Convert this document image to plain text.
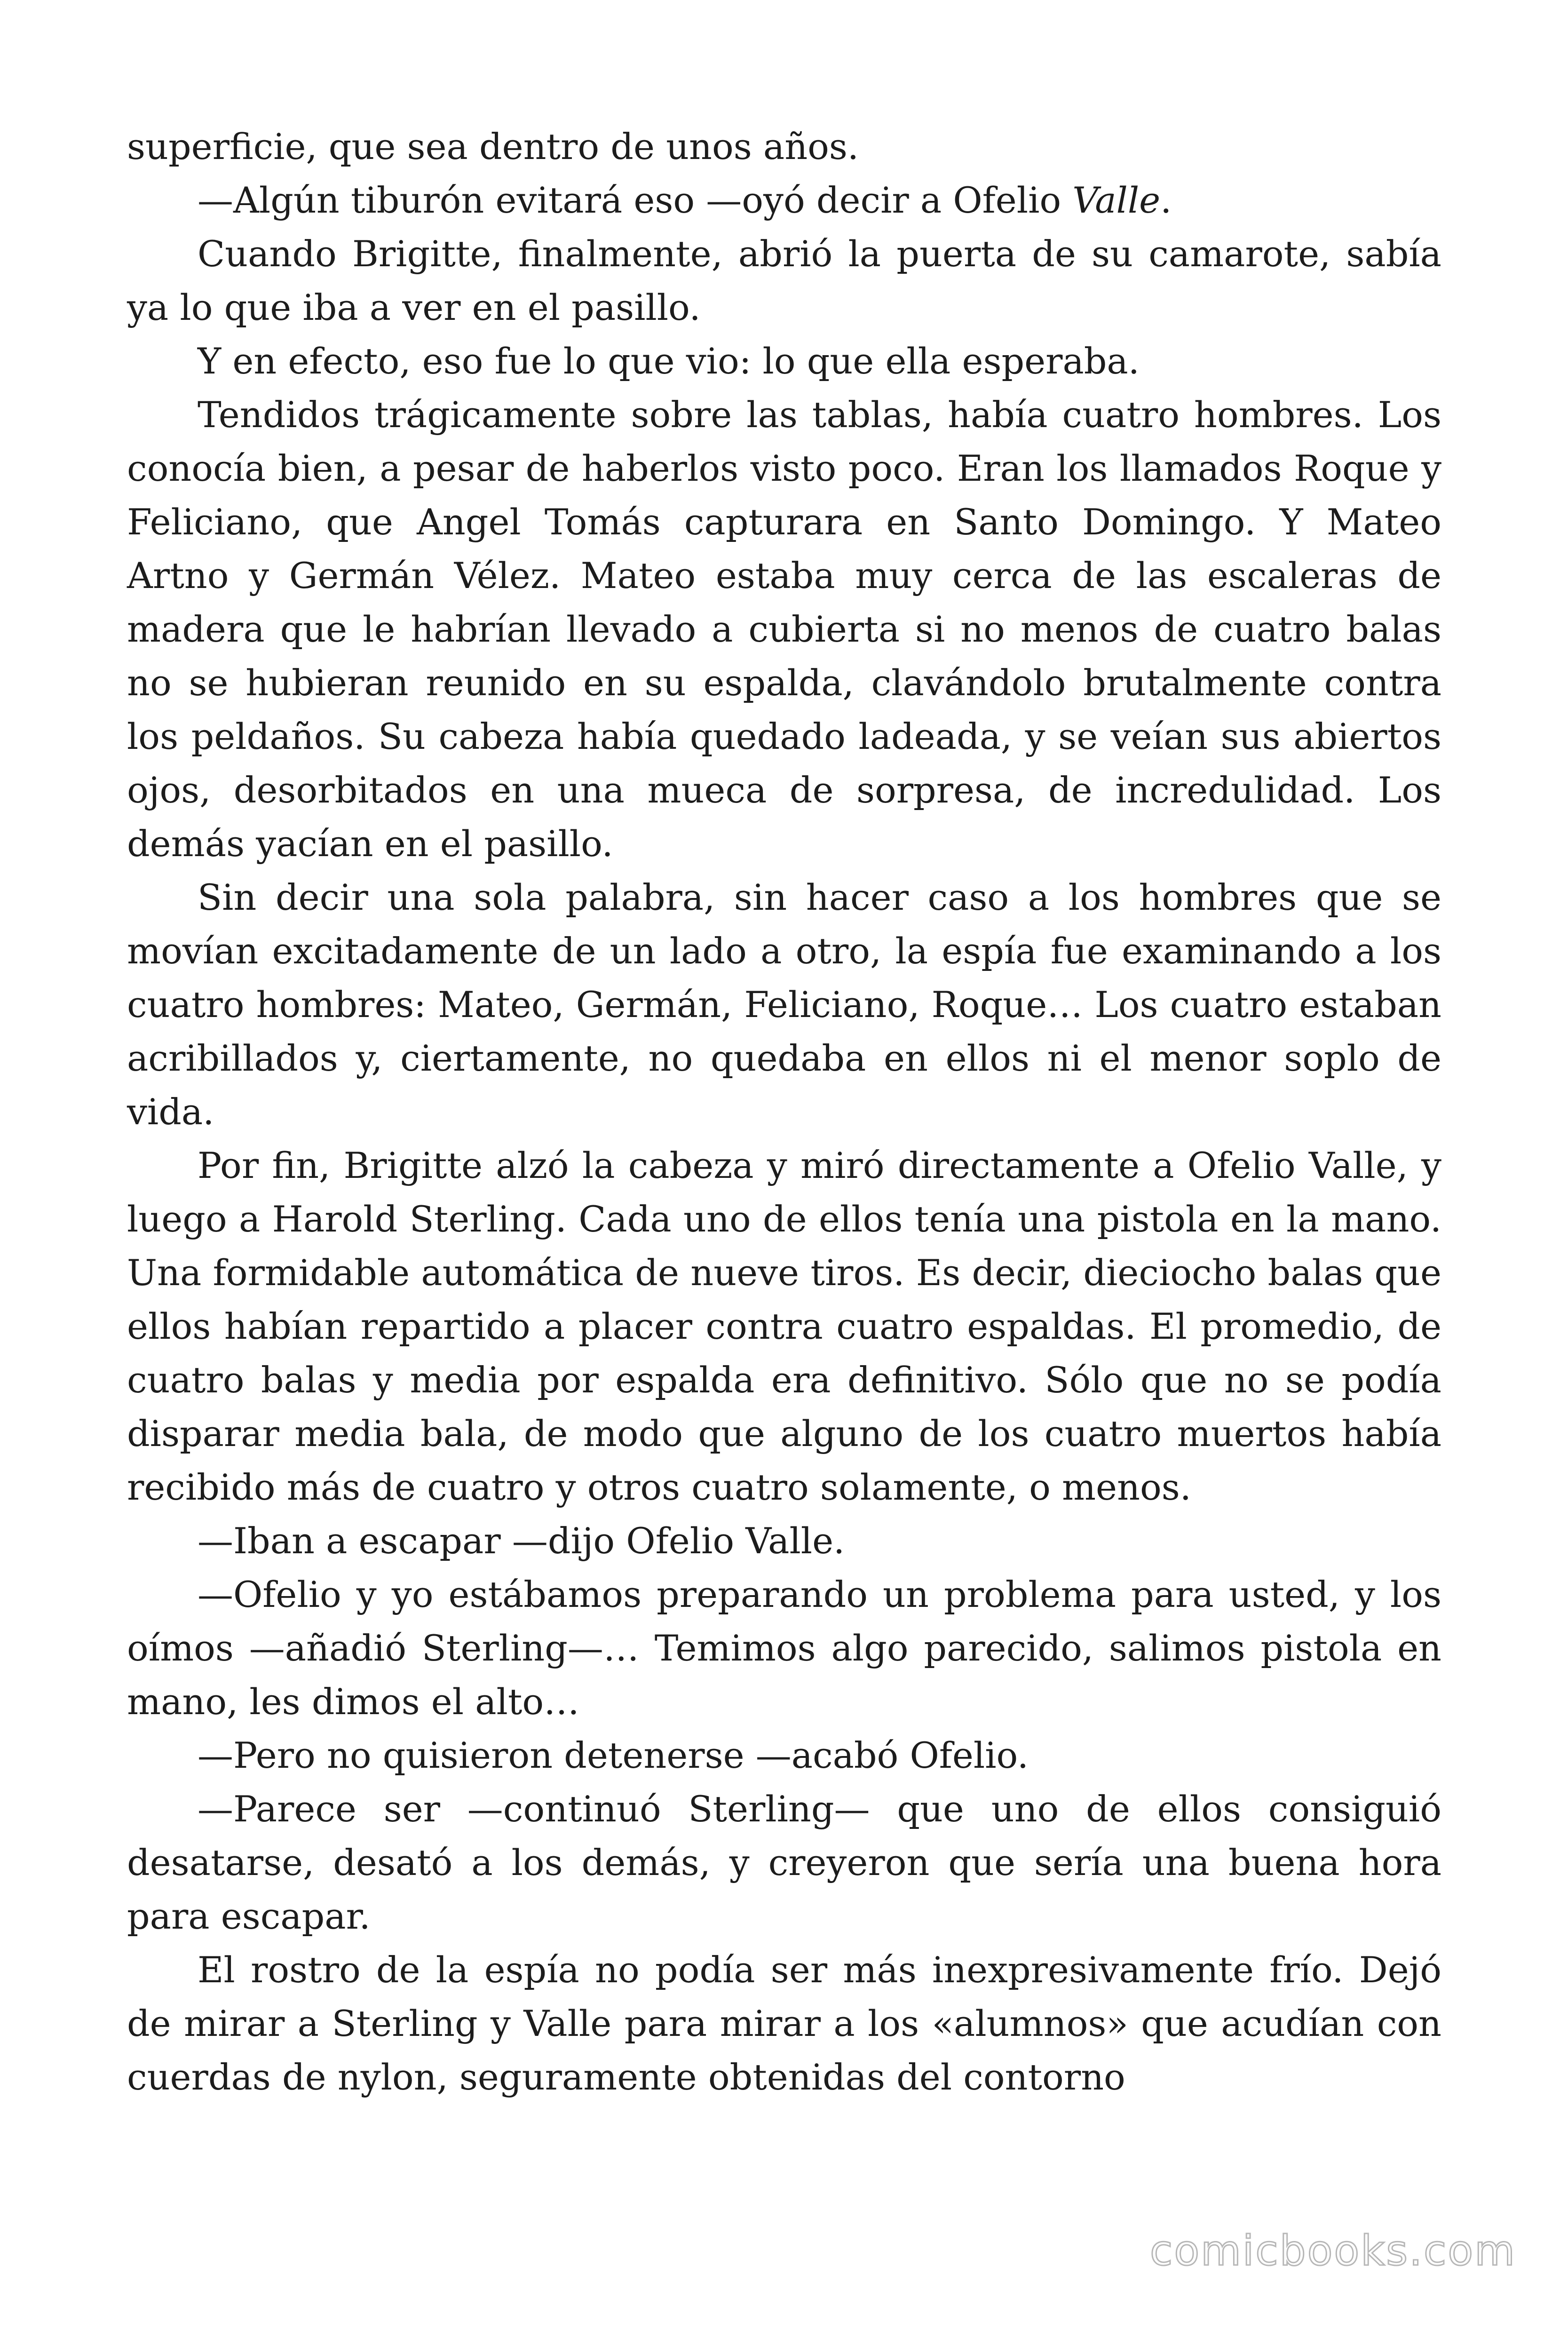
superficie, que sea dentro de unos años.

—Algún tiburón evitará eso —oyó decir a Ofelio Valle.

Cuando Brigitte, finalmente, abrió la puerta de su camarote, sabía ya lo que iba a ver en el pasillo.

Y en efecto, eso fue lo que vio: lo que ella esperaba.

Tendidos trágicamente sobre las tablas, había cuatro hombres. Los conocía bien, a pesar de haberlos visto poco. Eran los llamados Roque y Feliciano, que Angel Tomás capturara en Santo Domingo. Y Mateo Artno y Germán Vélez. Mateo estaba muy cerca de las escaleras de madera que le habrían llevado a cubierta si no menos de cuatro balas no se hubieran reunido en su espalda, clavándolo brutalmente contra los peldaños. Su cabeza había quedado ladeada, y se veían sus abiertos ojos, desorbitados en una mueca de sorpresa, de incredulidad. Los demás yacían en el pasillo.

Sin decir una sola palabra, sin hacer caso a los hombres que se movían excitadamente de un lado a otro, la espía fue examinando a los cuatro hombres: Mateo, Germán, Feliciano, Roque… Los cuatro estaban acribillados y, ciertamente, no quedaba en ellos ni el menor soplo de vida.

Por fin, Brigitte alzó la cabeza y miró directamente a Ofelio Valle, y luego a Harold Sterling. Cada uno de ellos tenía una pistola en la mano. Una formidable automática de nueve tiros. Es decir, dieciocho balas que ellos habían repartido a placer contra cuatro espaldas. El promedio, de cuatro balas y media por espalda era definitivo. Sólo que no se podía disparar media bala, de modo que alguno de los cuatro muertos había recibido más de cuatro y otros cuatro solamente, o menos.

—Iban a escapar —dijo Ofelio Valle.

—Ofelio y yo estábamos preparando un problema para usted, y los oímos —añadió Sterling—… Temimos algo parecido, salimos pistola en mano, les dimos el alto…

—Pero no quisieron detenerse —acabó Ofelio.

—Parece ser —continuó Sterling— que uno de ellos consiguió desatarse, desató a los demás, y creyeron que sería una buena hora para escapar.

El rostro de la espía no podía ser más inexpresivamente frío. Dejó de mirar a Sterling y Valle para mirar a los «alumnos» que acudían con cuerdas de nylon, seguramente obtenidas del contorno

comicbooks.com
